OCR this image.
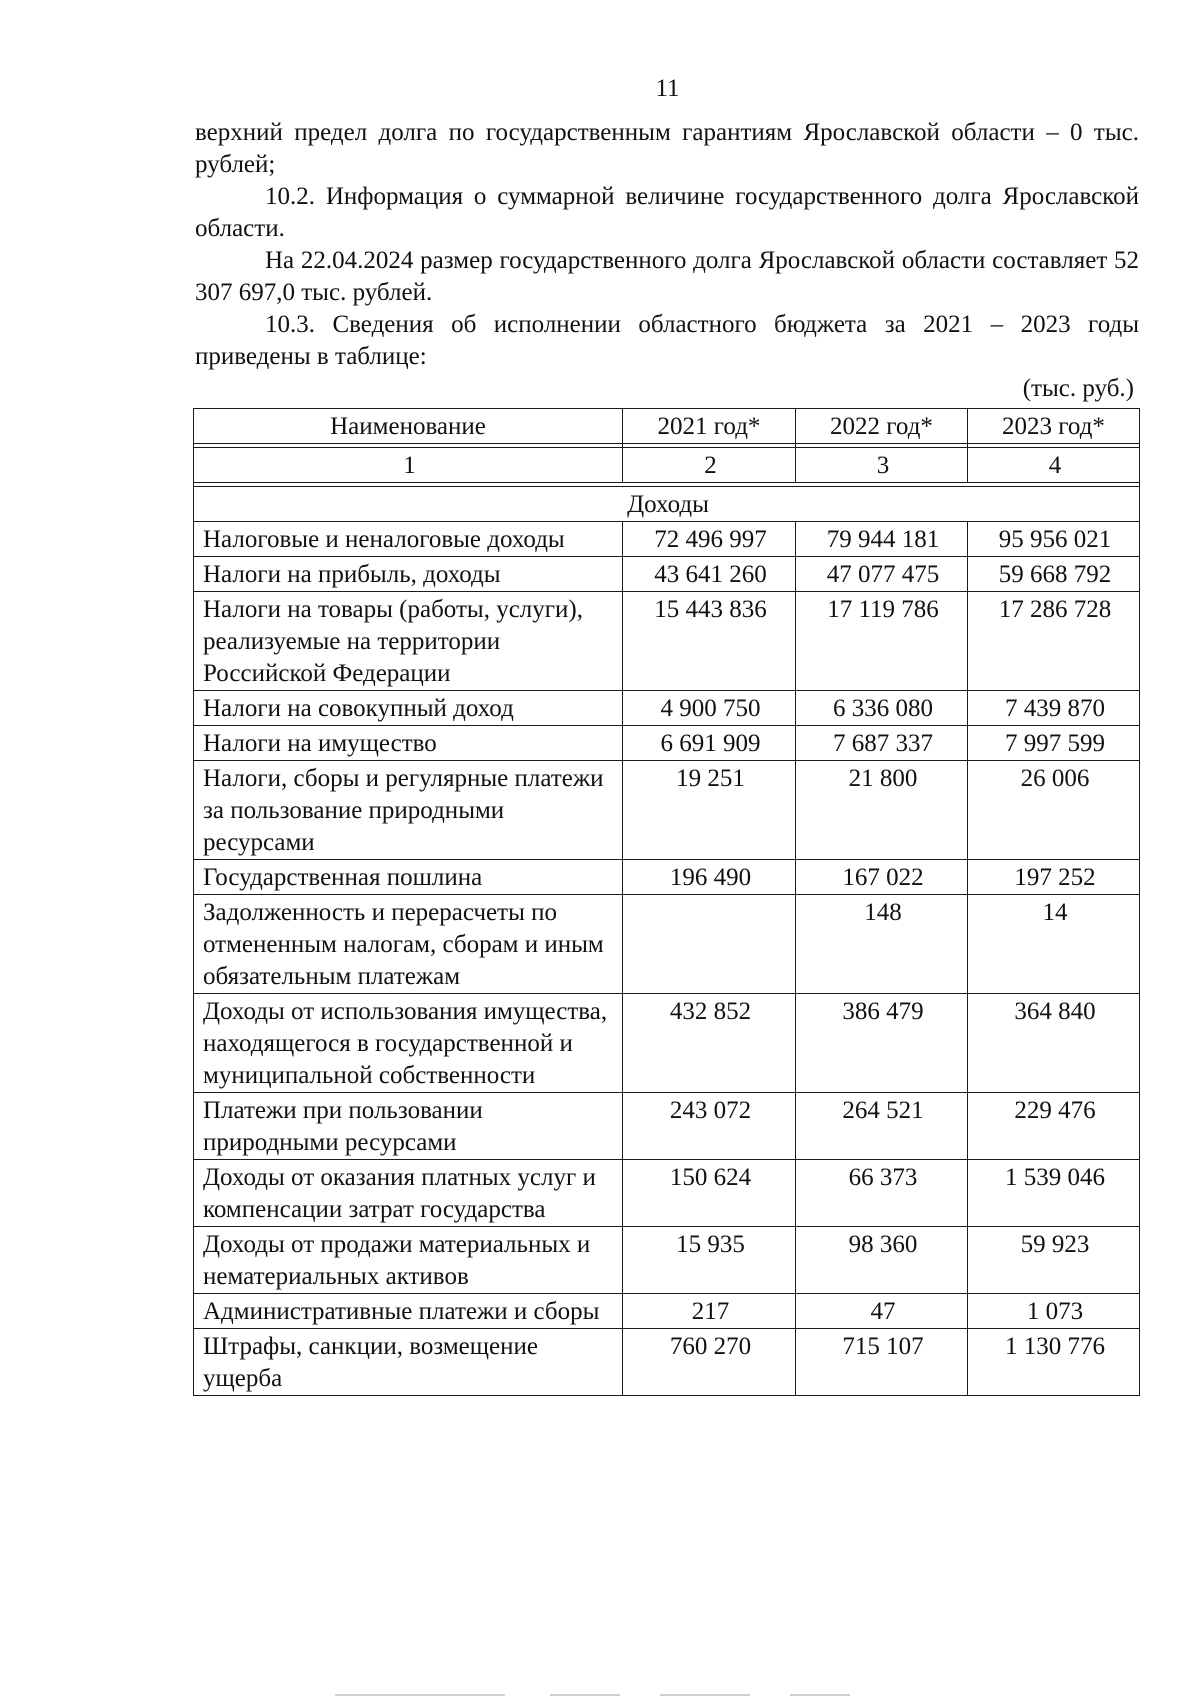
11

верхний предел долга по государственным гарантиям Ярославской области – 0 тыс. рублей;

10.2. Информация о суммарной величине государственного долга Ярославской области.

На 22.04.2024 размер государственного долга Ярославской области составляет 52 307 697,0 тыс. рублей.

10.3. Сведения об исполнении областного бюджета за 2021 – 2023 годы приведены в таблице:

(тыс. руб.)
Наименование	2021 год*	2022 год*	2023 год*

1	2	3	4

Доходы			
Налоговые и неналоговые доходы	72 496 997	79 944 181	95 956 021
Налоги на прибыль, доходы	43 641 260	47 077 475	59 668 792
Налоги на товары (работы, услуги), реализуемые на территории Российской Федерации	15 443 836	17 119 786	17 286 728
Налоги на совокупный доход	4 900 750	6 336 080	7 439 870
Налоги на имущество	6 691 909	7 687 337	7 997 599
Налоги, сборы и регулярные платежи за пользование природными ресурсами	19 251	21 800	26 006
Государственная пошлина	196 490	167 022	197 252
Задолженность и перерасчеты по отмененным налогам, сборам и иным обязательным платежам		148	14
Доходы от использования имущества, находящегося в государственной и муниципальной собственности	432 852	386 479	364 840
Платежи при пользовании природными ресурсами	243 072	264 521	229 476
Доходы от оказания платных услуг и компенсации затрат государства	150 624	66 373	1 539 046
Доходы от продажи материальных и нематериальных активов	15 935	98 360	59 923
Административные платежи и сборы	217	47	1 073
Штрафы, санкции, возмещение ущерба	760 270	715 107	1 130 776
